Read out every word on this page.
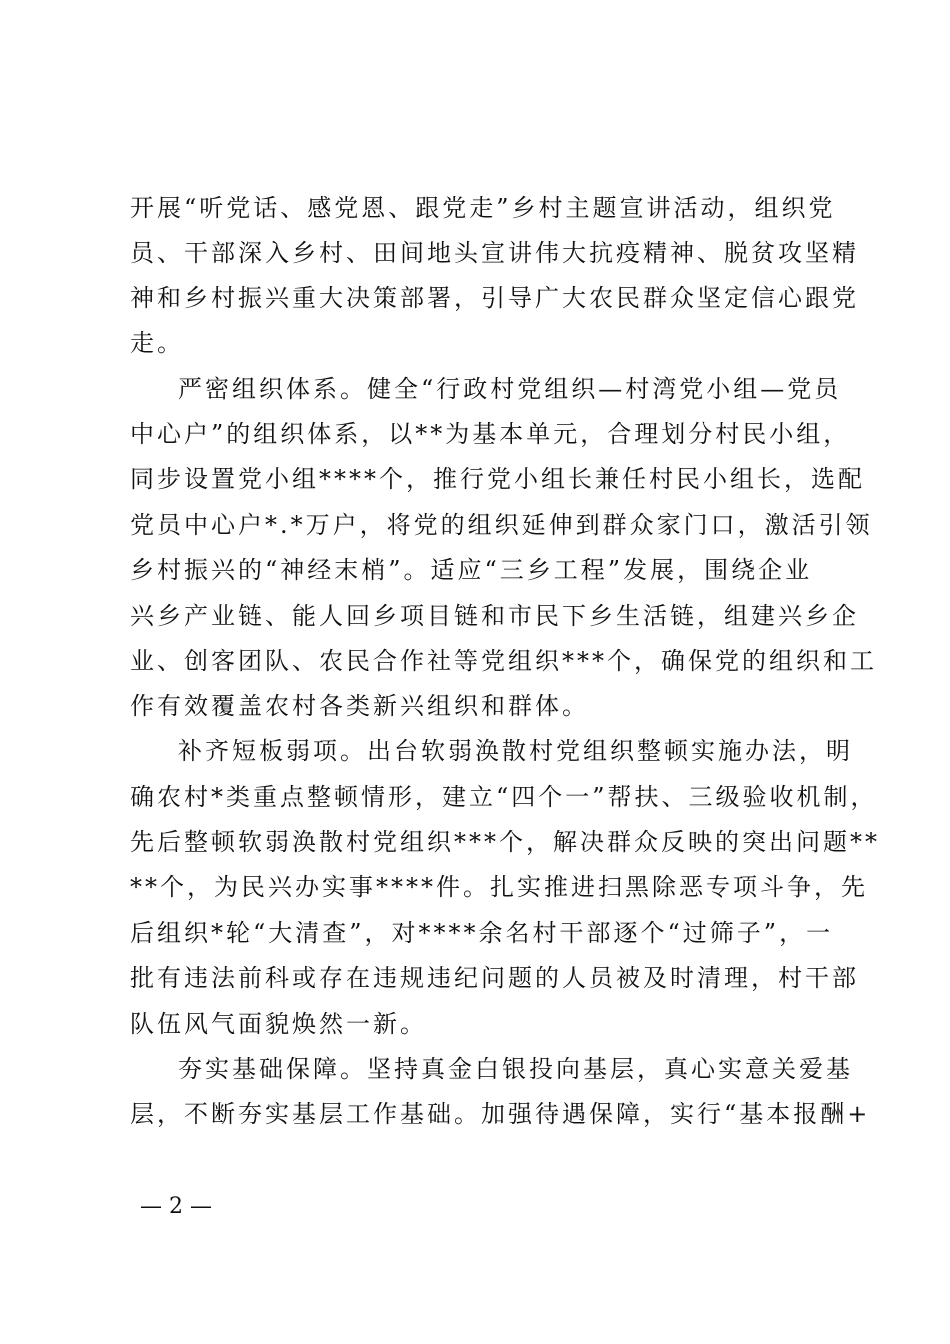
开展“听党话、感党恩、跟党走”乡村主题宣讲活动，组织党
员、干部深入乡村、田间地头宣讲伟大抗疫精神、脱贫攻坚精
神和乡村振兴重大决策部署，引导广大农民群众坚定信心跟党
走。
严密组织体系。健全“行政村党组织—村湾党小组—党员
中心户”的组织体系，以**为基本单元，合理划分村民小组，
同步设置党小组****个，推行党小组长兼任村民小组长，选配
党员中心户*.*万户，将党的组织延伸到群众家门口，激活引领
乡村振兴的“神经末梢”。适应“三乡工程”发展，围绕企业
兴乡产业链、能人回乡项目链和市民下乡生活链，组建兴乡企
业、创客团队、农民合作社等党组织***个，确保党的组织和工
作有效覆盖农村各类新兴组织和群体。
补齐短板弱项。出台软弱涣散村党组织整顿实施办法，明
确农村*类重点整顿情形，建立“四个一”帮扶、三级验收机制，
先后整顿软弱涣散村党组织***个，解决群众反映的突出问题**
**个，为民兴办实事****件。扎实推进扫黑除恶专项斗争，先
后组织*轮“大清查”，对****余名村干部逐个“过筛子”，一
批有违法前科或存在违规违纪问题的人员被及时清理，村干部
队伍风气面貌焕然一新。
夯实基础保障。坚持真金白银投向基层，真心实意关爱基
层，不断夯实基层工作基础。加强待遇保障，实行“基本报酬+
— 2 —
